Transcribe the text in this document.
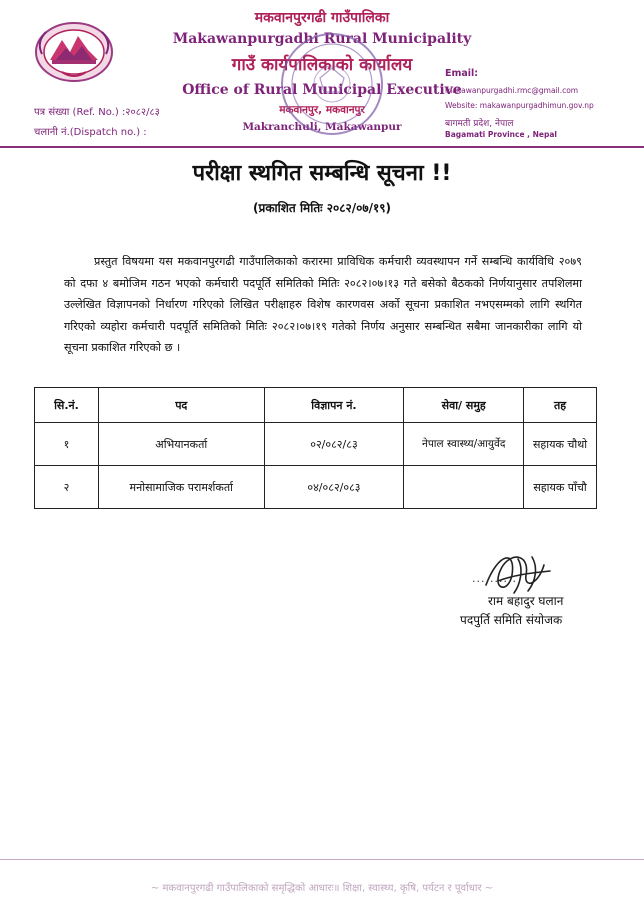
मकवानपुरगढी गाउँपालिका
Makawanpurgadhi Rural Municipality
गाउँ कार्यपालिकाको कार्यालय
Office of Rural Municipal Executive
मकवानपुर, मकवानपुर
Makranchuli, Makawanpur
पत्र संख्या (Ref. No.) :२०८२/८३
चलानी नं.(Dispatch no.) :
Email:
makawanpurgadhi.rmc@gmail.com
Website: makawanpurgadhimun.gov.np
बागमती प्रदेश, नेपाल
Bagamati Province , Nepal
परीक्षा स्थगित सम्बन्धि सूचना !!
(प्रकाशित मितिः २०८२/०७/१९)
प्रस्तुत विषयमा यस मकवानपुरगढी गाउँपालिकाको करारमा प्राविधिक कर्मचारी व्यवस्थापन गर्ने सम्बन्धि कार्यविधि २०७९ को दफा ४ बमोजिम गठन भएको कर्मचारी पदपूर्ति समितिको मितिः २०८२।०७।१३ गते बसेको बैठकको निर्णयानुसार तपशिलमा उल्लेखित विज्ञापनको निर्धारण गरिएको लिखित परीक्षाहरु विशेष कारणवस अर्को सूचना प्रकाशित नभएसम्मको लागि स्थगित गरिएको व्यहोरा कर्मचारी पदपूर्ति समितिको मितिः २०८२।०७।१९ गतेको निर्णय अनुसार सम्बन्धित सबैमा जानकारीका लागि यो सूचना प्रकाशित गरिएको छ ।
सि.नं.	पद	विज्ञापन नं.	सेवा/ समुह	तह
१	अभियानकर्ता	०२/०८२/८३	नेपाल स्वास्थ्य/आयुर्वेद	सहायक चौथो
२	मनोसामाजिक परामर्शकर्ता	०४/०८२/०८३		सहायक पाँचौ
..........
राम बहादुर घलान
पदपुर्ति समिति संयोजक
~ मकवानपुरगढी गाउँपालिकाको समृद्धिको आधारः॥ शिक्षा, स्वास्थ्य, कृषि, पर्यटन र पूर्वाधार ~
